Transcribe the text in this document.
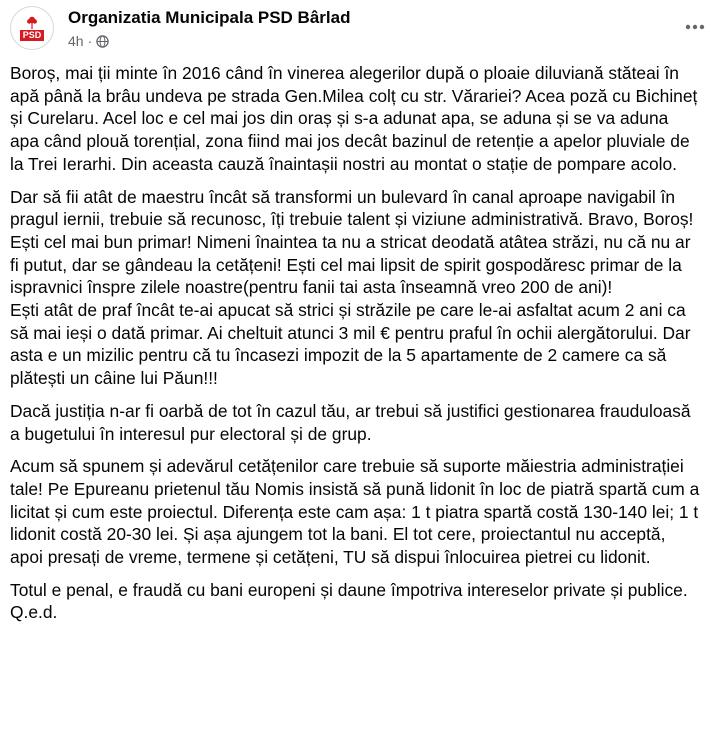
PSD
Organizatia Municipala PSD Bârlad
4h ·

Boroș, mai ții minte în 2016 când în vinerea alegerilor după o ploaie diluviană stăteai în apă până la brâu undeva pe strada Gen.Milea colț cu str. Vărariei? Acea poză cu Bichineț și Curelaru. Acel loc e cel mai jos din oraș și s-a adunat apa, se aduna și se va aduna apa când plouă torențial, zona fiind mai jos decât bazinul de retenție a apelor pluviale de la Trei Ierarhi. Din aceasta cauză înaintașii nostri au montat o stație de pompare acolo.

Dar să fii atât de maestru încât să transformi un bulevard în canal aproape navigabil în pragul iernii, trebuie să recunosc, îți trebuie talent și viziune administrativă. Bravo, Boroș! Ești cel mai bun primar! Nimeni înaintea ta nu a stricat deodată atâtea străzi, nu că nu ar fi putut, dar se gândeau la cetățeni! Ești cel mai lipsit de spirit gospodăresc primar de la ispravnici înspre zilele noastre(pentru fanii tai asta înseamnă vreo 200 de ani)!
Ești atât de praf încât te-ai apucat să strici și străzile pe care le-ai asfaltat acum 2 ani ca să mai ieși o dată primar. Ai cheltuit atunci 3 mil € pentru praful în ochii alergătorului. Dar asta e un mizilic pentru că tu încasezi impozit de la 5 apartamente de 2 camere ca să plătești un câine lui Păun!!!

Dacă justiția n-ar fi oarbă de tot în cazul tău, ar trebui să justifici gestionarea frauduloasă a bugetului în interesul pur electoral și de grup.

Acum să spunem și adevărul cetățenilor care trebuie să suporte măiestria administrației tale! Pe Epureanu prietenul tău Nomis insistă să pună lidonit în loc de piatră spartă cum a licitat și cum este proiectul. Diferența este cam așa: 1 t piatra spartă costă 130-140 lei; 1 t lidonit costă 20-30 lei. Și așa ajungem tot la bani. El tot cere, proiectantul nu acceptă, apoi presați de vreme, termene și cetățeni, TU să dispui înlocuirea pietrei cu lidonit.

Totul e penal, e fraudă cu bani europeni și daune împotriva intereselor private și publice. Q.e.d.
